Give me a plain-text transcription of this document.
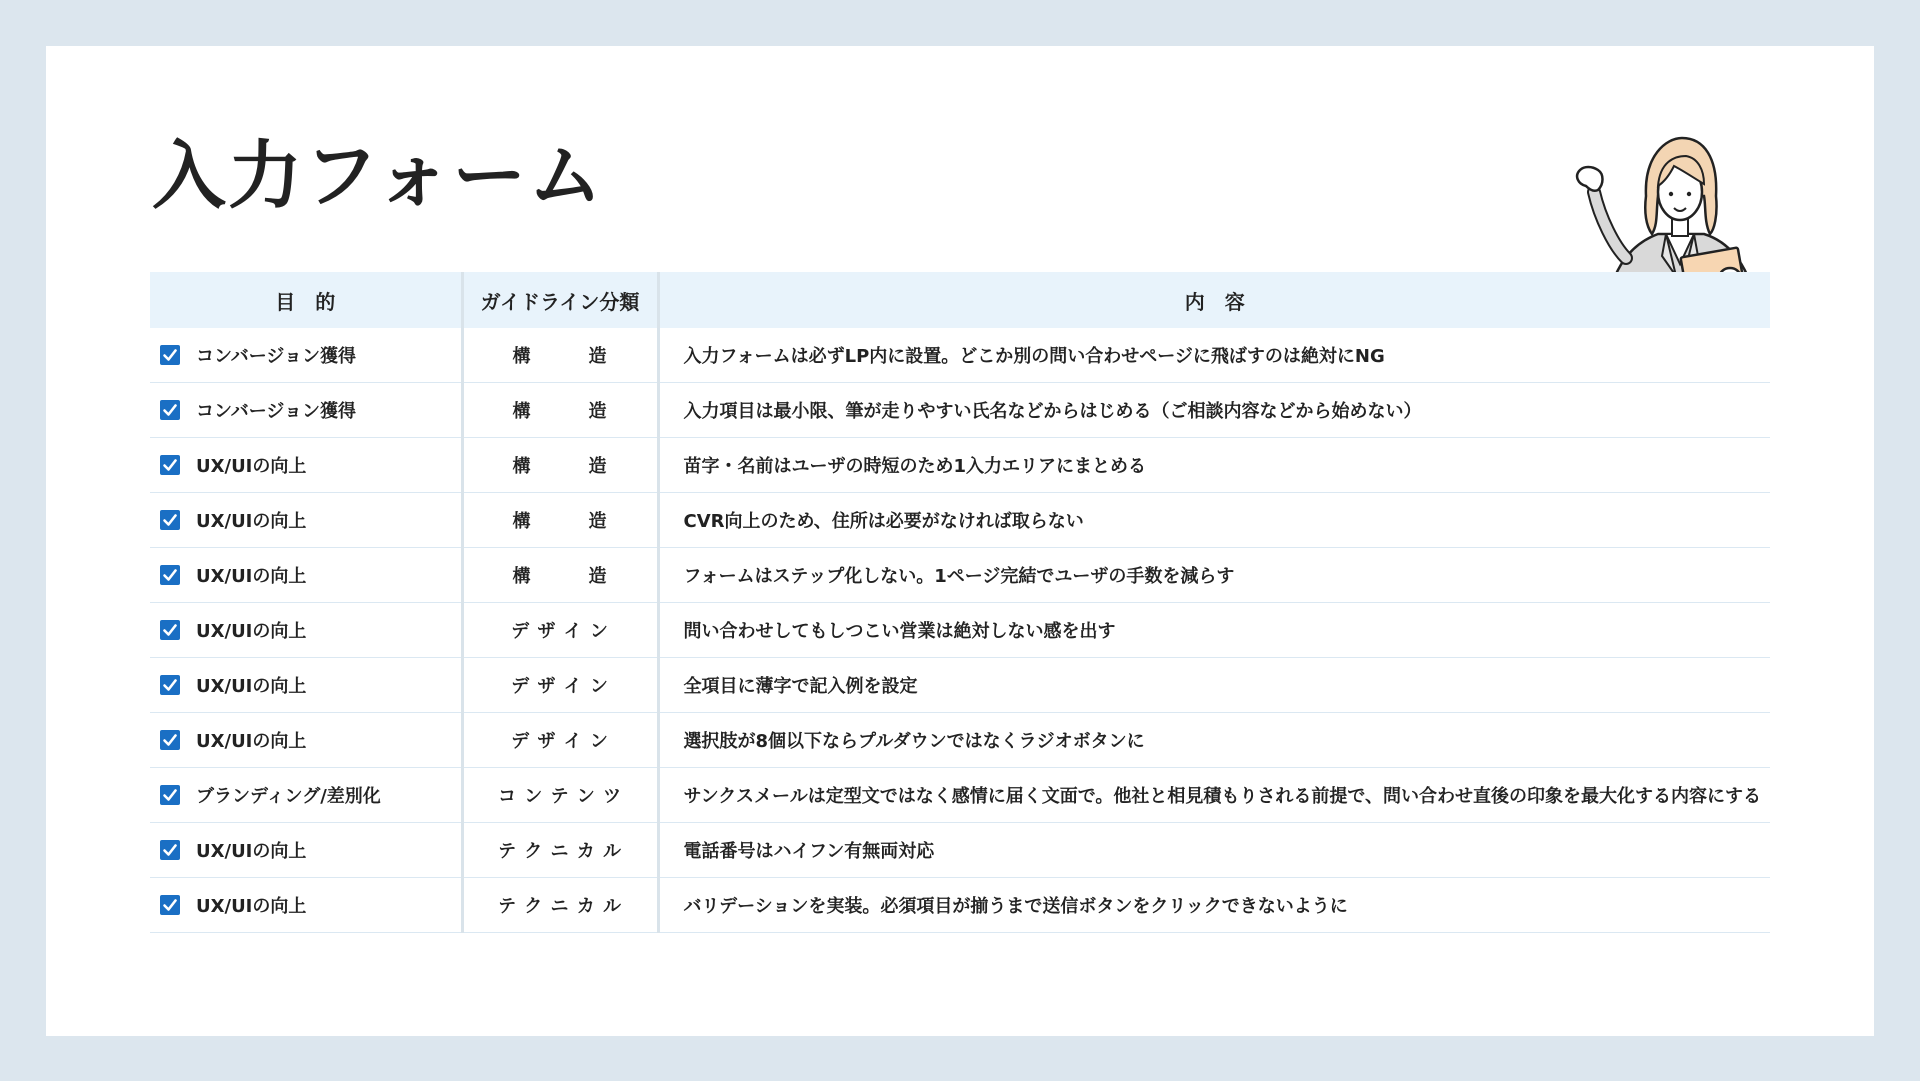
入力フォーム
目　的	ガイドライン分類	内　容

コンバージョン獲得	構　　　造	入力フォームは必ずLP内に設置。どこか別の問い合わせページに飛ばすのは絶対にNG

コンバージョン獲得	構　　　造	入力項目は最小限、筆が走りやすい氏名などからはじめる（ご相談内容などから始めない）

UX/UIの向上	構　　　造	苗字・名前はユーザの時短のため1入力エリアにまとめる

UX/UIの向上	構　　　造	CVR向上のため、住所は必要がなければ取らない

UX/UIの向上	構　　　造	フォームはステップ化しない。1ページ完結でユーザの手数を減らす

UX/UIの向上	デ ザ イ ン	問い合わせしてもしつこい営業は絶対しない感を出す

UX/UIの向上	デ ザ イ ン	全項目に薄字で記入例を設定

UX/UIの向上	デ ザ イ ン	選択肢が8個以下ならプルダウンではなくラジオボタンに

ブランディング/差別化	コ ン テ ン ツ	サンクスメールは定型文ではなく感情に届く文面で。他社と相見積もりされる前提で、問い合わせ直後の印象を最大化する内容にする

UX/UIの向上	テ ク ニ カ ル	電話番号はハイフン有無両対応

UX/UIの向上	テ ク ニ カ ル	バリデーションを実装。必須項目が揃うまで送信ボタンをクリックできないように
